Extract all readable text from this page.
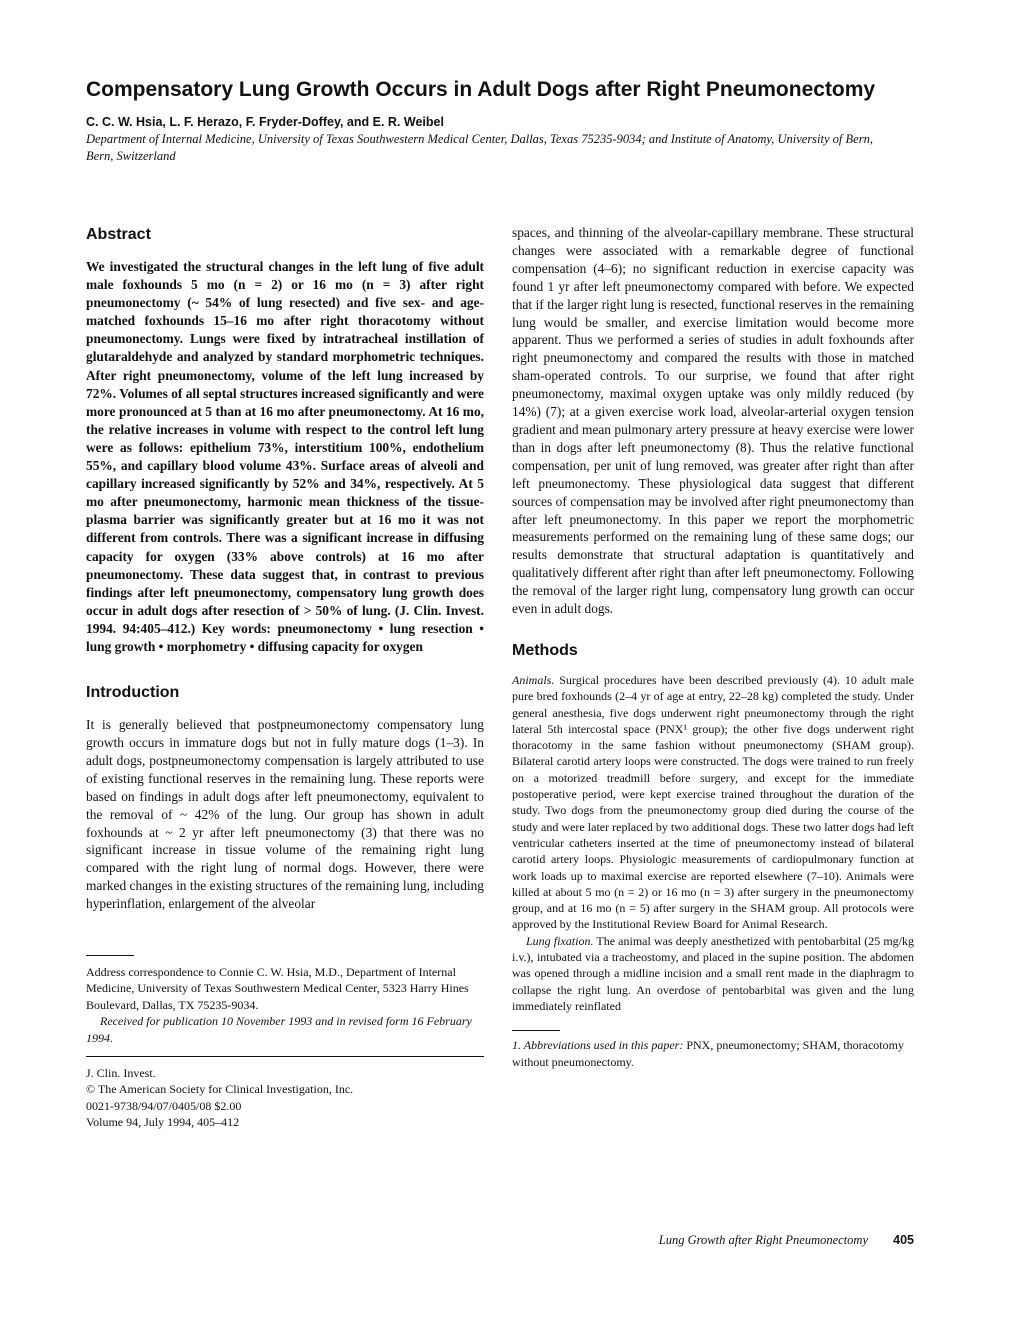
Compensatory Lung Growth Occurs in Adult Dogs after Right Pneumonectomy

C. C. W. Hsia, L. F. Herazo, F. Fryder-Doffey, and E. R. Weibel

Department of Internal Medicine, University of Texas Southwestern Medical Center, Dallas, Texas 75235-9034; and Institute of Anatomy, University of Bern, Bern, Switzerland

Abstract

We investigated the structural changes in the left lung of five adult male foxhounds 5 mo (n = 2) or 16 mo (n = 3) after right pneumonectomy (~ 54% of lung resected) and five sex- and age-matched foxhounds 15–16 mo after right thoracotomy without pneumonectomy. Lungs were fixed by intratracheal instillation of glutaraldehyde and analyzed by standard morphometric techniques. After right pneumonectomy, volume of the left lung increased by 72%. Volumes of all septal structures increased significantly and were more pronounced at 5 than at 16 mo after pneumonectomy. At 16 mo, the relative increases in volume with respect to the control left lung were as follows: epithelium 73%, interstitium 100%, endothelium 55%, and capillary blood volume 43%. Surface areas of alveoli and capillary increased significantly by 52% and 34%, respectively. At 5 mo after pneumonectomy, harmonic mean thickness of the tissue-plasma barrier was significantly greater but at 16 mo it was not different from controls. There was a significant increase in diffusing capacity for oxygen (33% above controls) at 16 mo after pneumonectomy. These data suggest that, in contrast to previous findings after left pneumonectomy, compensatory lung growth does occur in adult dogs after resection of > 50% of lung. (J. Clin. Invest. 1994. 94:405–412.) Key words: pneumonectomy • lung resection • lung growth • morphometry • diffusing capacity for oxygen

Introduction

It is generally believed that postpneumonectomy compensatory lung growth occurs in immature dogs but not in fully mature dogs (1–3). In adult dogs, postpneumonectomy compensation is largely attributed to use of existing functional reserves in the remaining lung. These reports were based on findings in adult dogs after left pneumonectomy, equivalent to the removal of ~ 42% of the lung. Our group has shown in adult foxhounds at ~ 2 yr after left pneumonectomy (3) that there was no significant increase in tissue volume of the remaining right lung compared with the right lung of normal dogs. However, there were marked changes in the existing structures of the remaining lung, including hyperinflation, enlargement of the alveolar

Address correspondence to Connie C. W. Hsia, M.D., Department of Internal Medicine, University of Texas Southwestern Medical Center, 5323 Harry Hines Boulevard, Dallas, TX 75235-9034.

Received for publication 10 November 1993 and in revised form 16 February 1994.

J. Clin. Invest.

© The American Society for Clinical Investigation, Inc.

0021-9738/94/07/0405/08 $2.00

Volume 94, July 1994, 405–412

spaces, and thinning of the alveolar-capillary membrane. These structural changes were associated with a remarkable degree of functional compensation (4–6); no significant reduction in exercise capacity was found 1 yr after left pneumonectomy compared with before. We expected that if the larger right lung is resected, functional reserves in the remaining lung would be smaller, and exercise limitation would become more apparent. Thus we performed a series of studies in adult foxhounds after right pneumonectomy and compared the results with those in matched sham-operated controls. To our surprise, we found that after right pneumonectomy, maximal oxygen uptake was only mildly reduced (by 14%) (7); at a given exercise work load, alveolar-arterial oxygen tension gradient and mean pulmonary artery pressure at heavy exercise were lower than in dogs after left pneumonectomy (8). Thus the relative functional compensation, per unit of lung removed, was greater after right than after left pneumonectomy. These physiological data suggest that different sources of compensation may be involved after right pneumonectomy than after left pneumonectomy. In this paper we report the morphometric measurements performed on the remaining lung of these same dogs; our results demonstrate that structural adaptation is quantitatively and qualitatively different after right than after left pneumonectomy. Following the removal of the larger right lung, compensatory lung growth can occur even in adult dogs.

Methods

Animals. Surgical procedures have been described previously (4). 10 adult male pure bred foxhounds (2–4 yr of age at entry, 22–28 kg) completed the study. Under general anesthesia, five dogs underwent right pneumonectomy through the right lateral 5th intercostal space (PNX¹ group); the other five dogs underwent right thoracotomy in the same fashion without pneumonectomy (SHAM group). Bilateral carotid artery loops were constructed. The dogs were trained to run freely on a motorized treadmill before surgery, and except for the immediate postoperative period, were kept exercise trained throughout the duration of the study. Two dogs from the pneumonectomy group died during the course of the study and were later replaced by two additional dogs. These two latter dogs had left ventricular catheters inserted at the time of pneumonectomy instead of bilateral carotid artery loops. Physiologic measurements of cardiopulmonary function at work loads up to maximal exercise are reported elsewhere (7–10). Animals were killed at about 5 mo (n = 2) or 16 mo (n = 3) after surgery in the pneumonectomy group, and at 16 mo (n = 5) after surgery in the SHAM group. All protocols were approved by the Institutional Review Board for Animal Research.

Lung fixation. The animal was deeply anesthetized with pentobarbital (25 mg/kg i.v.), intubated via a tracheostomy, and placed in the supine position. The abdomen was opened through a midline incision and a small rent made in the diaphragm to collapse the right lung. An overdose of pentobarbital was given and the lung immediately reinflated

1. Abbreviations used in this paper: PNX, pneumonectomy; SHAM, thoracotomy without pneumonectomy.

Lung Growth after Right Pneumonectomy 405
